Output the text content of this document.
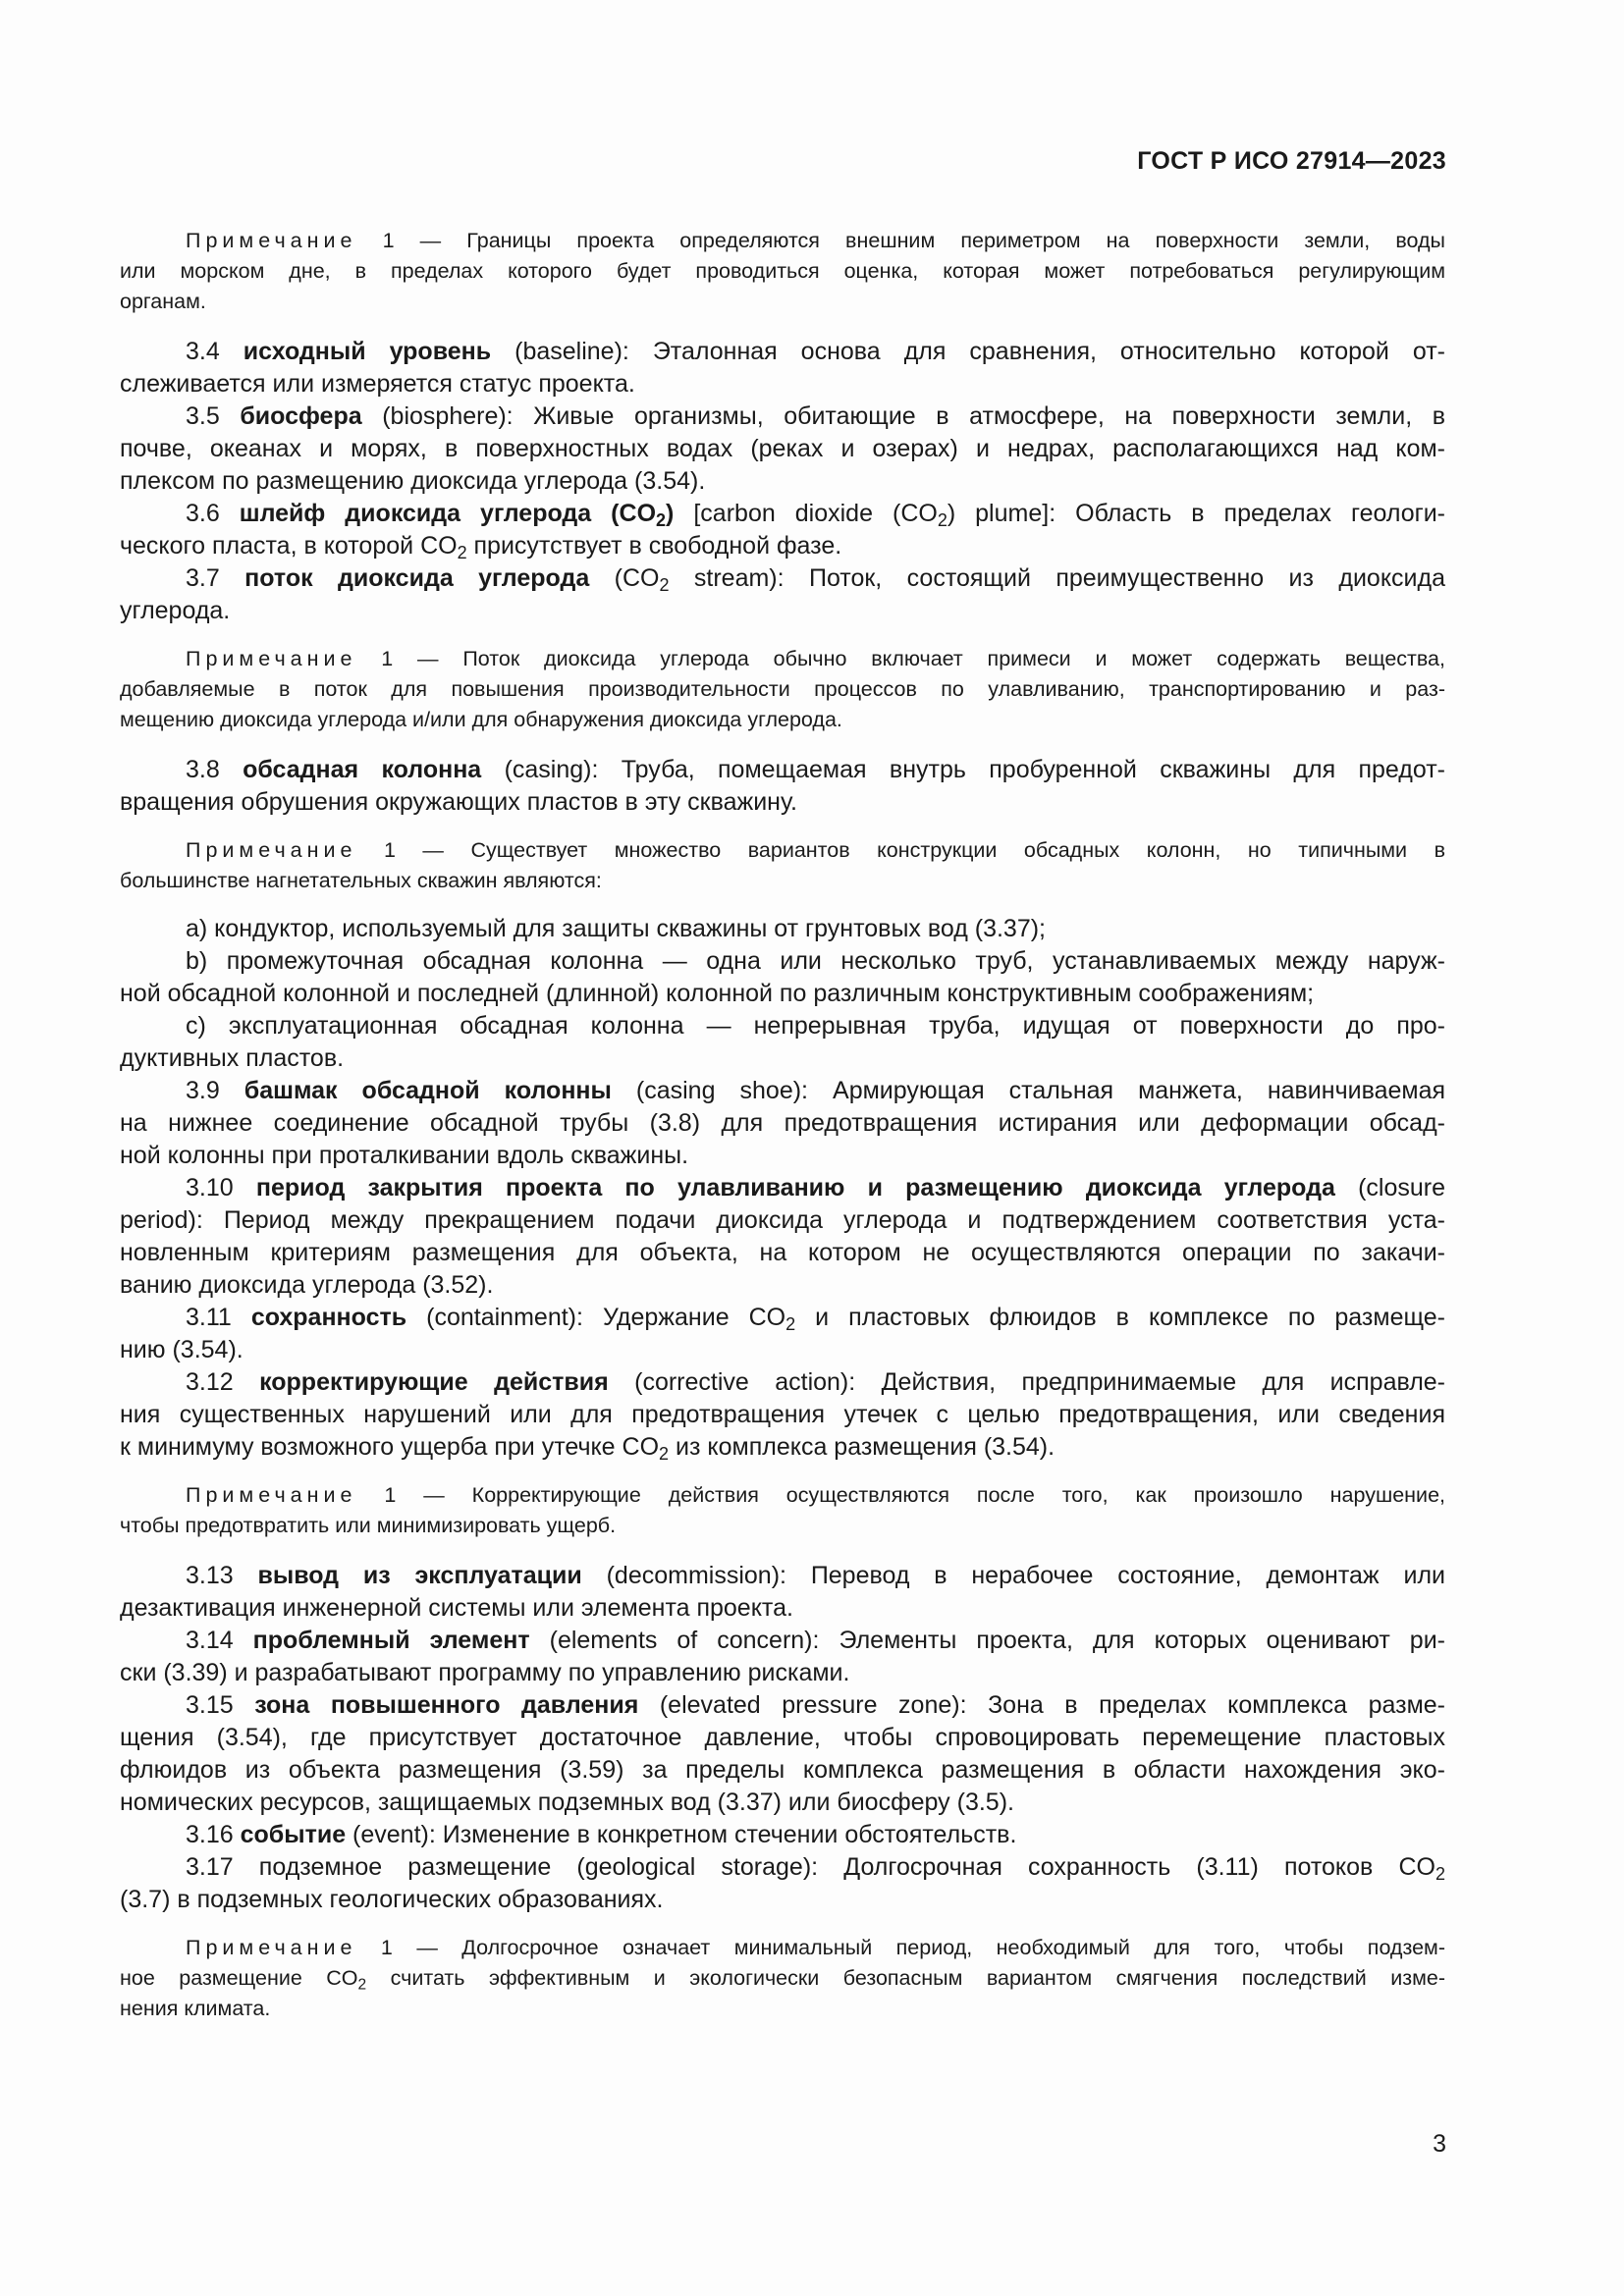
ГОСТ Р ИСО 27914—2023
Примечание 1 — Границы проекта определяются внешним периметром на поверхности земли, воды
или морском дне, в пределах которого будет проводиться оценка, которая может потребоваться регулирующим
органам.
3.4 исходный уровень (baseline): Эталонная основа для сравнения, относительно которой от-
слеживается или измеряется статус проекта.
3.5 биосфера (biosphere): Живые организмы, обитающие в атмосфере, на поверхности земли, в
почве, океанах и морях, в поверхностных водах (реках и озерах) и недрах, располагающихся над ком-
плексом по размещению диоксида углерода (3.54).
3.6 шлейф диоксида углерода $(CO_2)$ [carbon dioxide $(CO_2)$ plume]: Область в пределах геологи-
ческого пласта, в которой $CO_2$ присутствует в свободной фазе.
3.7 поток диоксида углерода ($CO_2$ stream): Поток, состоящий преимущественно из диоксида
углерода.
Примечание 1 — Поток диоксида углерода обычно включает примеси и может содержать вещества,
добавляемые в поток для повышения производительности процессов по улавливанию, транспортированию и раз-
мещению диоксида углерода и/или для обнаружения диоксида углерода.
3.8 обсадная колонна (casing): Труба, помещаемая внутрь пробуренной скважины для предот-
вращения обрушения окружающих пластов в эту скважину.
Примечание 1 — Существует множество вариантов конструкции обсадных колонн, но типичными в
большинстве нагнетательных скважин являются:
a) кондуктор, используемый для защиты скважины от грунтовых вод (3.37);
b) промежуточная обсадная колонна — одна или несколько труб, устанавливаемых между наруж-
ной обсадной колонной и последней (длинной) колонной по различным конструктивным соображениям;
c) эксплуатационная обсадная колонна — непрерывная труба, идущая от поверхности до про-
дуктивных пластов.
3.9 башмак обсадной колонны (casing shoe): Армирующая стальная манжета, навинчиваемая
на нижнее соединение обсадной трубы (3.8) для предотвращения истирания или деформации обсад-
ной колонны при проталкивании вдоль скважины.
3.10 период закрытия проекта по улавливанию и размещению диоксида углерода (closure
period): Период между прекращением подачи диоксида углерода и подтверждением соответствия уста-
новленным критериям размещения для объекта, на котором не осуществляются операции по закачи-
ванию диоксида углерода (3.52).
3.11 сохранность (containment): Удержание $CO_2$ и пластовых флюидов в комплексе по размеще-
нию (3.54).
3.12 корректирующие действия (corrective action): Действия, предпринимаемые для исправле-
ния существенных нарушений или для предотвращения утечек с целью предотвращения, или сведения
к минимуму возможного ущерба при утечке $CO_2$ из комплекса размещения (3.54).
Примечание 1 — Корректирующие действия осуществляются после того, как произошло нарушение,
чтобы предотвратить или минимизировать ущерб.
3.13 вывод из эксплуатации (decommission): Перевод в нерабочее состояние, демонтаж или
дезактивация инженерной системы или элемента проекта.
3.14 проблемный элемент (elements of concern): Элементы проекта, для которых оценивают ри-
ски (3.39) и разрабатывают программу по управлению рисками.
3.15 зона повышенного давления (elevated pressure zone): Зона в пределах комплекса разме-
щения (3.54), где присутствует достаточное давление, чтобы спровоцировать перемещение пластовых
флюидов из объекта размещения (3.59) за пределы комплекса размещения в области нахождения эко-
номических ресурсов, защищаемых подземных вод (3.37) или биосферу (3.5).
3.16 событие (event): Изменение в конкретном стечении обстоятельств.
3.17 подземное размещение (geological storage): Долгосрочная сохранность (3.11) потоков $CO_2$
(3.7) в подземных геологических образованиях.
Примечание 1 — Долгосрочное означает минимальный период, необходимый для того, чтобы подзем-
ное размещение $CO_2$ считать эффективным и экологически безопасным вариантом смягчения последствий изме-
нения климата.
3
